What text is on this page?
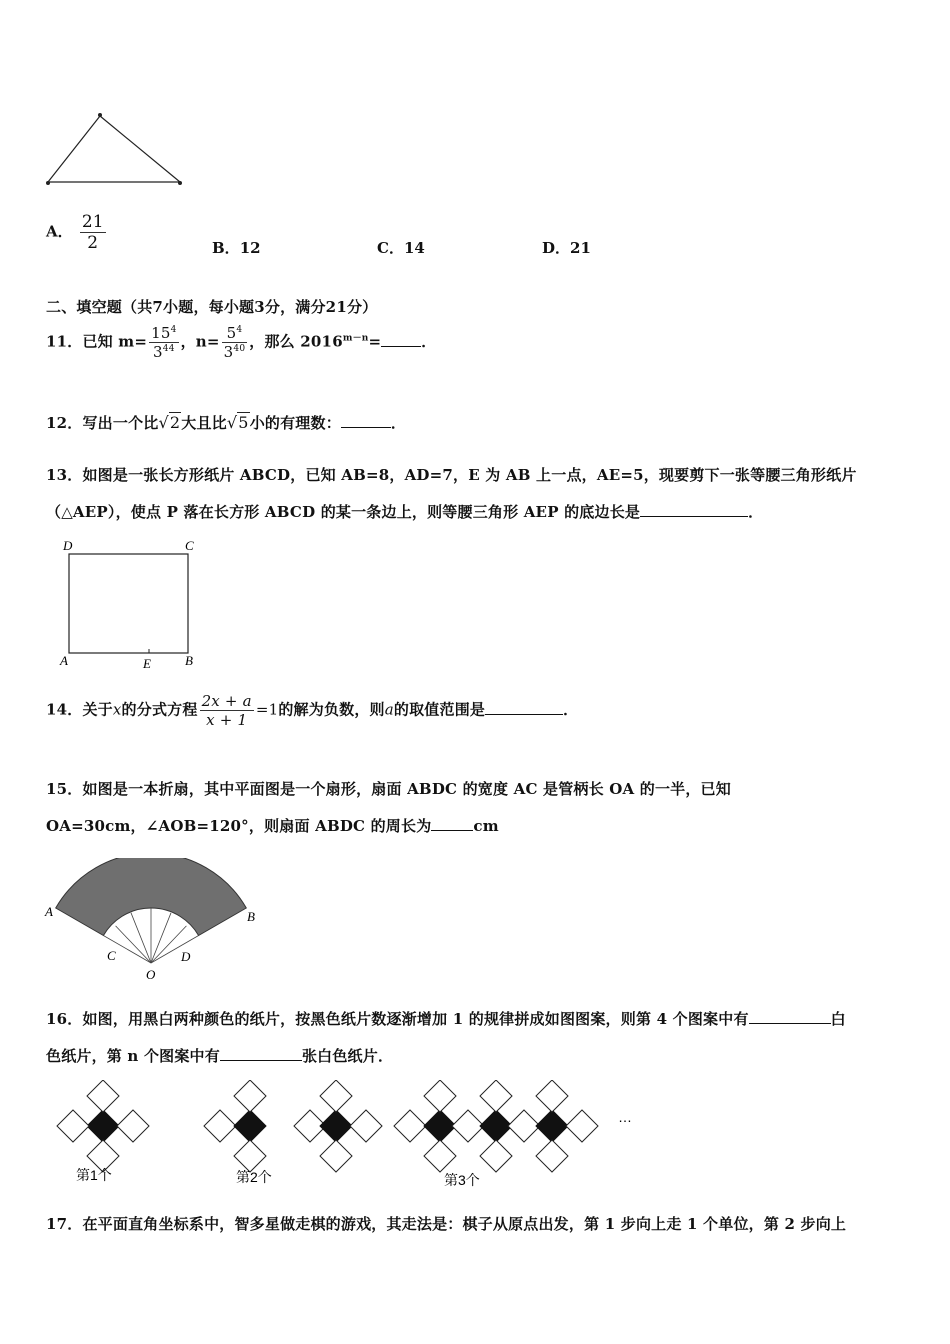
A． $\frac{21}{2}$	B．12	C．14	D．21
二、填空题（共7小题，每小题3分，满分21分）
11．已知 $m= \frac{15^4}{3^{44}}$ ，$n= \frac{5^4}{3^{40}}$ ，那么 $2016^{m-n}=$	．
12．写出一个比√2大且比√5小的有理数：	．
13．如图是一张长方形纸片 ABCD，已知 AB=8，AD=7，E 为 AB 上一点，AE=5，现要剪下一张等腰三角形纸片
（△AEP），使点 P 落在长方形 ABCD 的某一条边上，则等腰三角形 AEP 的底边长是	．
D	C
A	E	B
14．关于x的分式方程 $\frac{2x + a}{x + 1} =1$的解为负数，则a的取值范围是	．
15．如图是一本折扇，其中平面图是一个扇形，扇面 ABDC 的宽度 AC 是管柄长 OA 的一半，已知
OA=30cm，∠AOB=120°，则扇面 ABDC 的周长为	cm
A	B
C	D
O
16．如图，用黑白两种颜色的纸片，按黑色纸片数逐渐增加 1 的规律拼成如图图案，则第 4 个图案中有	白
色纸片，第 n 个图案中有	张白色纸片．
…
第1个	第2个	第3个
17．在平面直角坐标系中，智多星做走棋的游戏，其走法是：棋子从原点出发，第 1 步向上走 1 个单位，第 2 步向上
